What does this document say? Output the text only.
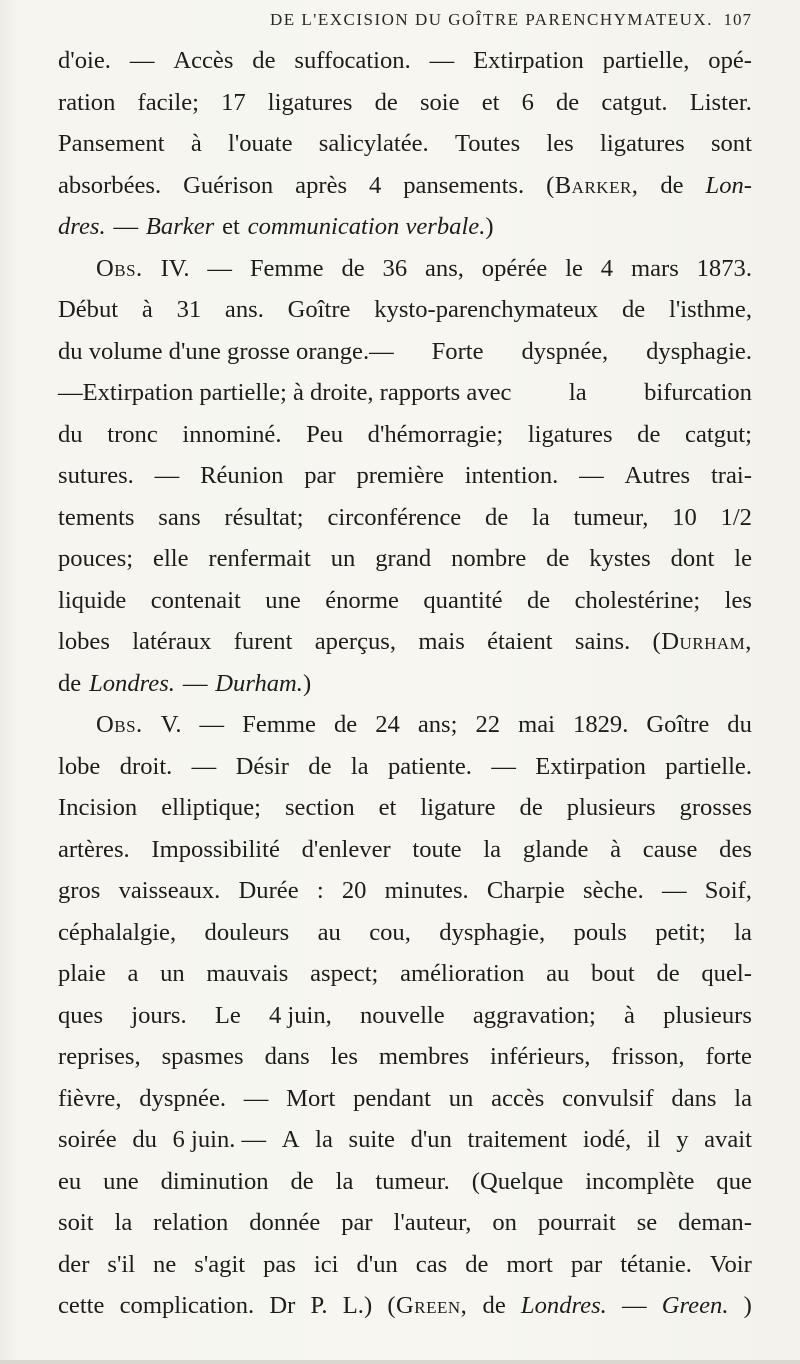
DE L'EXCISION DU GOÎTRE PARENCHYMATEUX. 107
d'oie. — Accès de suffocation. — Extirpation partielle, opé-
ration facile; 17 ligatures de soie et 6 de catgut. Lister.
Pansement à l'ouate salicylatée. Toutes les ligatures sont
absorbées. Guérison après 4 pansements. (Barker, de Lon-
dres. — Barker et communication verbale. )
Obs. IV. — Femme de 36 ans, opérée le 4 mars 1873.
Début à 31 ans. Goître kysto-parenchymateux de l'isthme,
du volume d'une grosse orange.— Forte dyspnée, dysphagie.
—Extirpation partielle; à droite, rapports avec la bifurcation
du tronc innominé. Peu d'hémorragie; ligatures de catgut;
sutures. — Réunion par première intention. — Autres trai-
tements sans résultat; circonférence de la tumeur, 10 1/2
pouces; elle renfermait un grand nombre de kystes dont le
liquide contenait une énorme quantité de cholestérine; les
lobes latéraux furent aperçus, mais étaient sains. (Durham,
de Londres. — Durham. )
Obs. V. — Femme de 24 ans; 22 mai 1829. Goître du
lobe droit. — Désir de la patiente. — Extirpation partielle.
Incision elliptique; section et ligature de plusieurs grosses
artères. Impossibilité d'enlever toute la glande à cause des
gros vaisseaux. Durée : 20 minutes. Charpie sèche. — Soif,
céphalalgie, douleurs au cou, dysphagie, pouls petit; la
plaie a un mauvais aspect; amélioration au bout de quel-
ques jours. Le 4 juin, nouvelle aggravation; à plusieurs
reprises, spasmes dans les membres inférieurs, frisson, forte
fièvre, dyspnée. — Mort pendant un accès convulsif dans la
soirée du 6 juin. — A la suite d'un traitement iodé, il y avait
eu une diminution de la tumeur. (Quelque incomplète que
soit la relation donnée par l'auteur, on pourrait se deman-
der s'il ne s'agit pas ici d'un cas de mort par tétanie. Voir
cette complication. Dr P. L.) (Green, de Londres. — Green. )
